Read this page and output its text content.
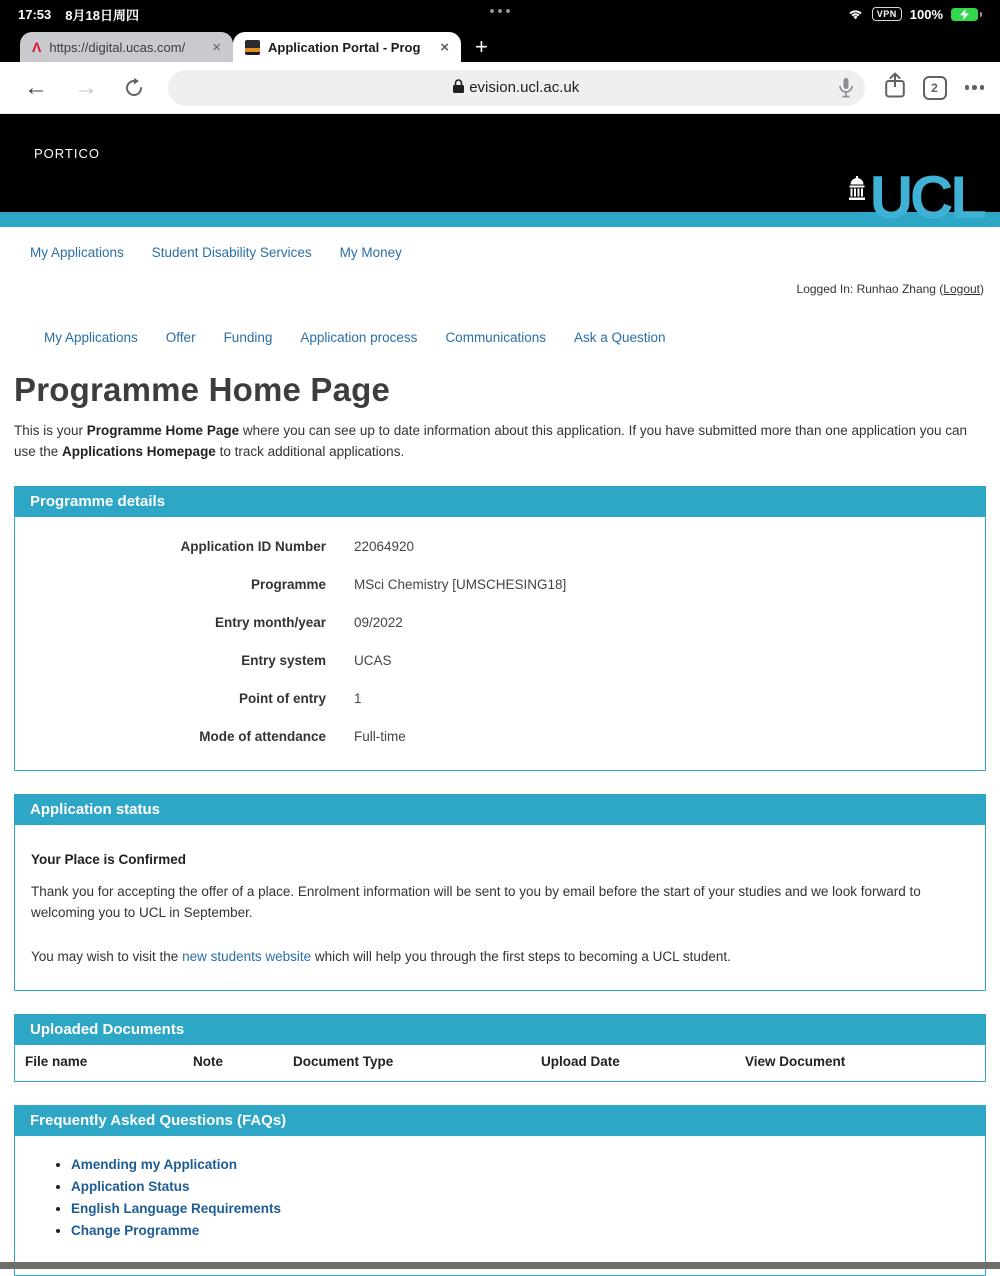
17:53 8月18日周四	VPN	100%
Λ https://digital.ucas.com/	×	Application Portal - Prog	× +
←	→	evision.ucl.ac.uk	2
PORTICO
UCL
My Applications Student Disability Services My Money
Logged In: Runhao Zhang (Logout)
My Applications Offer Funding Application process Communications Ask a Question
Programme Home Page

This is your Programme Home Page where you can see up to date information about this application. If you have submitted more than one application you can use the Applications Homepage to track additional applications.

Programme details
Application ID Number 22064920
Programme MSci Chemistry [UMSCHESING18]
Entry month/year 09/2022
Entry system UCAS
Point of entry 1
Mode of attendance Full-time
Application status
Your Place is Confirmed

Thank you for accepting the offer of a place. Enrolment information will be sent to you by email before the start of your studies and we look forward to welcoming you to UCL in September.

You may wish to visit the new students website which will help you through the first steps to becoming a UCL student.

Uploaded Documents
File name	Note	Document Type	Upload Date	View Document
Frequently Asked Questions (FAQs)
• Amending my Application
• Application Status
• English Language Requirements
• Change Programme
